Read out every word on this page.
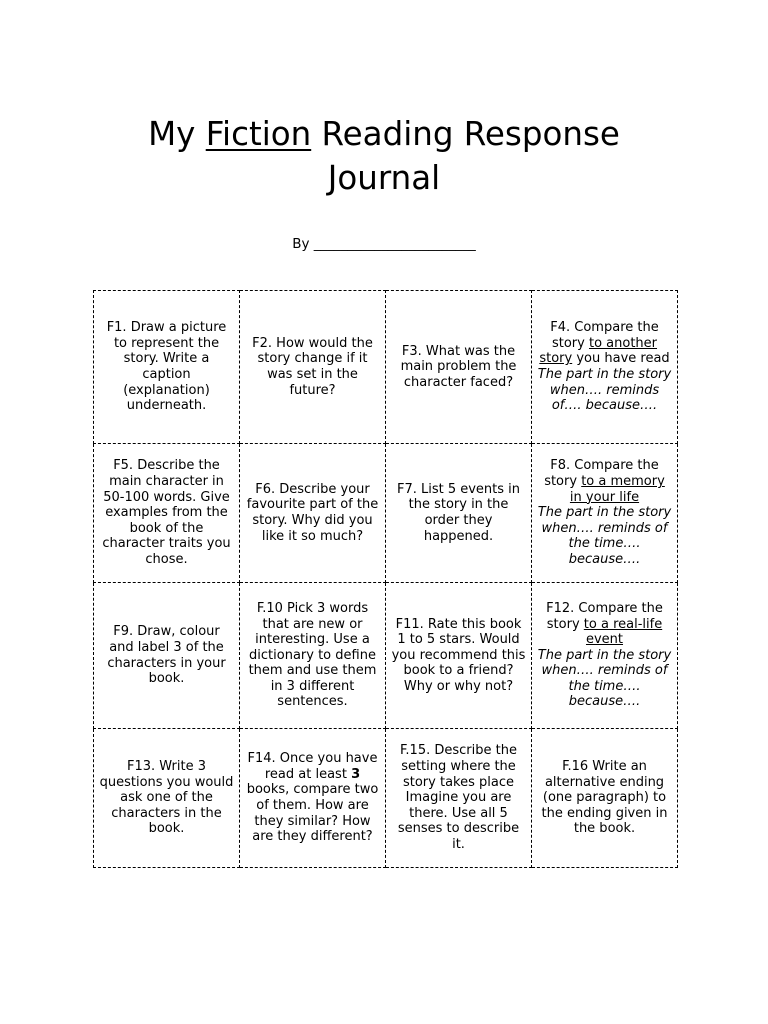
My Fiction Reading Response
Journal
By ________________________
F1. Draw a picture to represent the story. Write a caption (explanation) underneath.	F2. How would the story change if it was set in the future?	F3. What was the main problem the character faced?	F4. Compare the story to another story you have read
The part in the story when…. reminds of…. because….

F5. Describe the main character in 50-100 words. Give examples from the book of the character traits you chose.	F6. Describe your favourite part of the story. Why did you like it so much?	F7. List 5 events in the story in the order they happened.	F8. Compare the story to a memory in your life
The part in the story when…. reminds of the time…. because….

F9. Draw, colour and label 3 of the characters in your book.	F.10 Pick 3 words that are new or interesting. Use a dictionary to define them and use them in 3 different sentences.	F11. Rate this book 1 to 5 stars. Would you recommend this book to a friend? Why or why not?	F12. Compare the story to a real-life event
The part in the story when…. reminds of the time…. because….

F13. Write 3 questions you would ask one of the characters in the book.	F14. Once you have read at least 3 books, compare two of them. How are they similar? How are they different?	F.15. Describe the setting where the story takes place Imagine you are there. Use all 5 senses to describe it.	F.16 Write an alternative ending (one paragraph) to the ending given in the book.
